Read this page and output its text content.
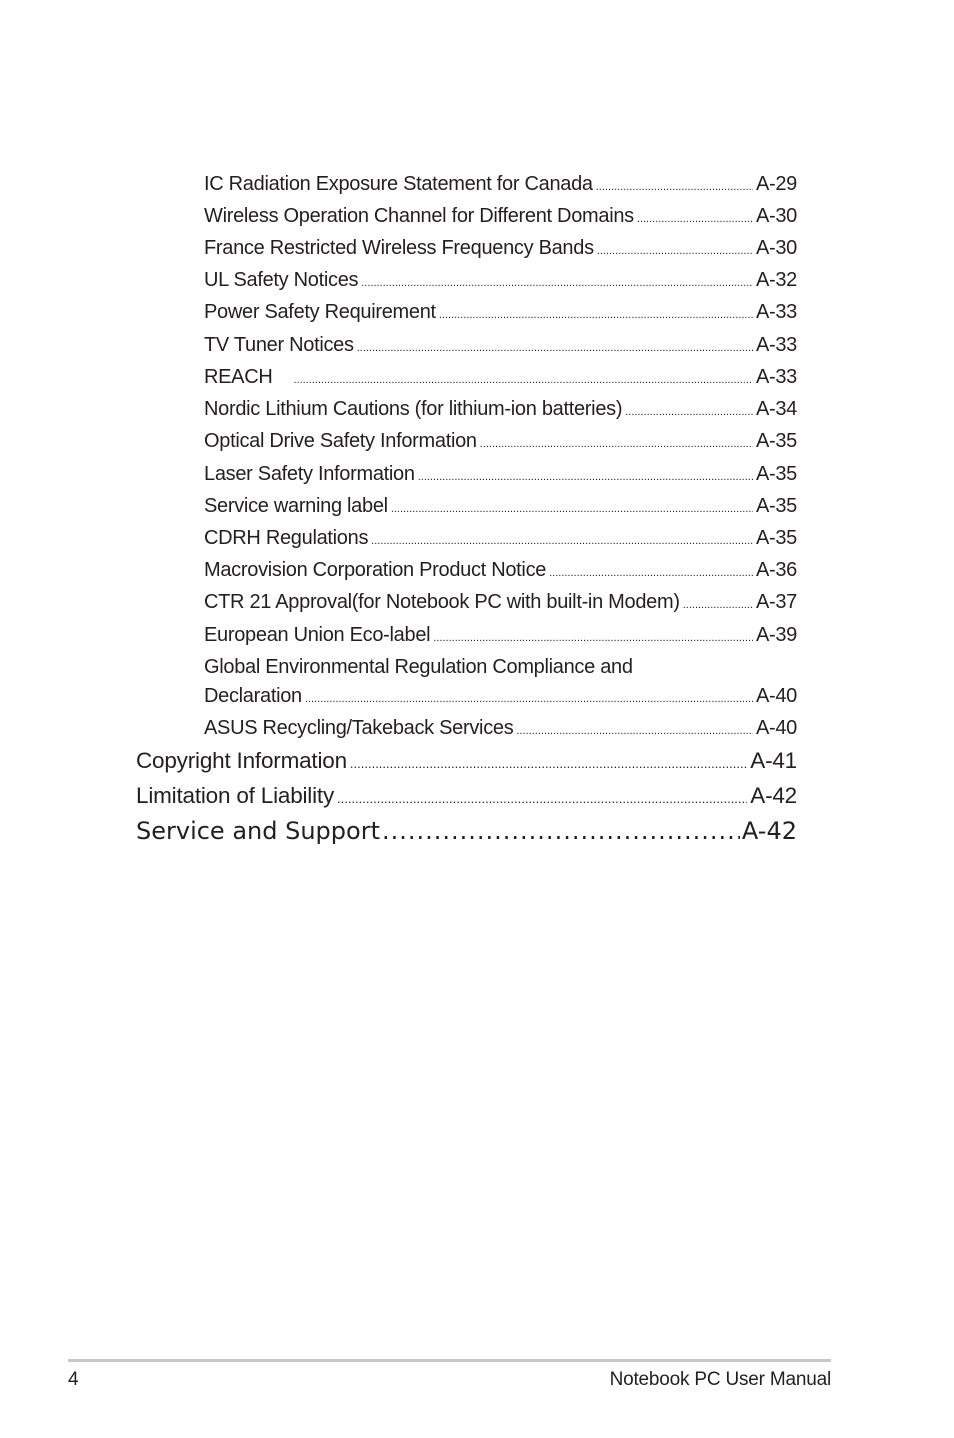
IC Radiation Exposure Statement for Canada .....	A-29
Wireless Operation Channel for Different Domains .....	A-30
France Restricted Wireless Frequency Bands .....	A-30
UL Safety Notices .....	A-32
Power Safety Requirement .....	A-33
TV Tuner Notices .....	A-33
REACH .....	A-33
Nordic Lithium Cautions (for lithium-ion batteries) .....	A-34
Optical Drive Safety Information .....	A-35
Laser Safety Information .....	A-35
Service warning label .....	A-35
CDRH Regulations .....	A-35
Macrovision Corporation Product Notice .....	A-36
CTR 21 Approval(for Notebook PC with built-in Modem) .....	A-37
European Union Eco-label .....	A-39
Global Environmental Regulation Compliance and
Declaration .....	A-40
ASUS Recycling/Takeback Services .....	A-40
Copyright Information .....	A-41
Limitation of Liability .....	A-42
Service and Support .....	A-42
4	Notebook PC User Manual
